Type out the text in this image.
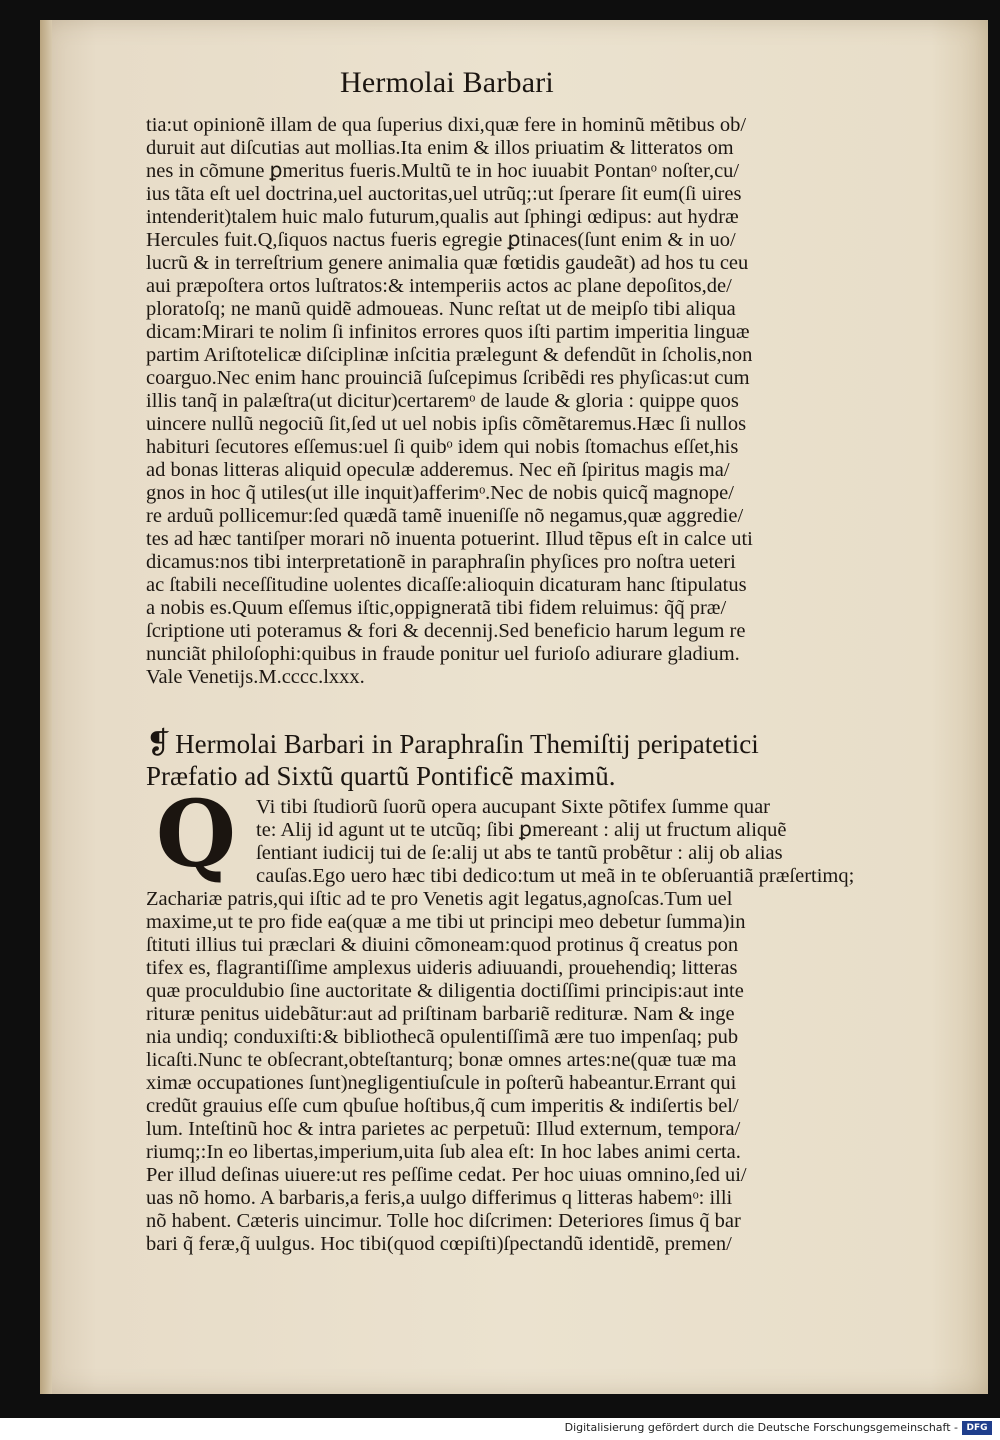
Hermolai Barbari
tia:ut opinionẽ illam de qua ſuperius dixi,quæ fere in hominũ mẽtibus ob/
duruit aut diſcutias aut mollias.Ita enim & illos priuatim & litteratos om
nes in cõmune ꝑmeritus fueris.Multũ te in hoc iuuabit Pontanᵒ noſter,cu/
ius tãta eſt uel doctrina,uel auctoritas,uel utrũq;:ut ſperare ſit eum(ſi uires
intenderit)talem huic malo futurum,qualis aut ſphingi œdipus: aut hydræ
Hercules fuit.Q,ſiquos nactus fueris egregie ꝑtinaces(ſunt enim & in uo/
lucrũ & in terreſtrium genere animalia quæ fœtidis gaudeãt) ad hos tu ceu
aui præpoſtera ortos luſtratos:& intemperiis actos ac plane depoſitos,de/
ploratoſq; ne manũ quidẽ admoueas. Nunc reſtat ut de meipſo tibi aliqua
dicam:Mirari te nolim ſi infinitos errores quos iſti partim imperitia linguæ
partim Ariſtotelicæ diſciplinæ inſcitia prælegunt & defendũt in ſcholis,non
coarguo.Nec enim hanc prouinciã ſuſcepimus ſcribẽdi res phyſicas:ut cum
illis tanq̃ in palæſtra(ut dicitur)certaremᵒ de laude & gloria : quippe quos
uincere nullũ negociũ ſit,ſed ut uel nobis ipſis cõmẽtaremus.Hæc ſi nullos
habituri ſecutores eſſemus:uel ſi quibᵒ idem qui nobis ſtomachus eſſet,his
ad bonas litteras aliquid opeculæ adderemus. Nec eñ ſpiritus magis ma/
gnos in hoc q̃ utiles(ut ille inquit)afferimᵒ.Nec de nobis quicq̃ magnope/
re arduũ pollicemur:ſed quædã tamẽ inueniſſe nõ negamus,quæ aggredie/
tes ad hæc tantiſper morari nõ inuenta potuerint. Illud tẽpus eſt in calce uti
dicamus:nos tibi interpretationẽ in paraphraſin phyſices pro noſtra ueteri
ac ſtabili neceſſitudine uolentes dicaſſe:alioquin dicaturam hanc ſtipulatus
a nobis es.Quum eſſemus iſtic,oppigneratã tibi fidem reluimus: q̃q̃ præ/
ſcriptione uti poteramus & fori & decennij.Sed beneficio harum legum re
nunciãt philoſophi:quibus in fraude ponitur uel furioſo adiurare gladium.
Vale Venetijs.M.cccc.lxxx.
❡ Hermolai Barbari in Paraphraſin Themiſtij peripatetici
Præfatio ad Sixtũ quartũ Pontificẽ maximũ.
Q Vi tibi ſtudiorũ ſuorũ opera aucupant Sixte põtifex ſumme quar
te: Alij id agunt ut te utcũq; ſibi ꝑmereant : alij ut fructum aliquẽ
ſentiant iudicij tui de ſe:alij ut abs te tantũ probẽtur : alij ob alias
cauſas.Ego uero hæc tibi dedico:tum ut meã in te obſeruantiã præſertimq;
Zachariæ patris,qui iſtic ad te pro Venetis agit legatus,agnoſcas.Tum uel
maxime,ut te pro fide ea(quæ a me tibi ut principi meo debetur ſumma)in
ſtituti illius tui præclari & diuini cõmoneam:quod protinus q̃ creatus pon
tifex es, flagrantiſſime amplexus uideris adiuuandi, prouehendiq; litteras
quæ proculdubio ſine auctoritate & diligentia doctiſſimi principis:aut inte
rituræ penitus uidebãtur:aut ad priſtinam barbariẽ redituræ. Nam & inge
nia undiq; conduxiſti:& bibliothecã opulentiſſimã ære tuo impenſaq; pub
licaſti.Nunc te obſecrant,obteſtanturq; bonæ omnes artes:ne(quæ tuæ ma
ximæ occupationes ſunt)negligentiuſcule in poſterũ habeantur.Errant qui
credũt grauius eſſe cum qbuſue hoſtibus,q̃ cum imperitis & indiſertis bel/
lum. Inteſtinũ hoc & intra parietes ac perpetuũ: Illud externum, tempora/
riumq;:In eo libertas,imperium,uita ſub alea eſt: In hoc labes animi certa.
Per illud deſinas uiuere:ut res peſſime cedat. Per hoc uiuas omnino,ſed ui/
uas nõ homo. A barbaris,a feris,a uulgo differimus q litteras habemᵒ: illi
nõ habent. Cæteris uincimur. Tolle hoc diſcrimen: Deteriores ſimus q̃ bar
bari q̃ feræ,q̃ uulgus. Hoc tibi(quod cœpiſti)ſpectandũ identidẽ, premen/
Digitalisierung gefördert durch die Deutsche Forschungsgemeinschaft - DFG
